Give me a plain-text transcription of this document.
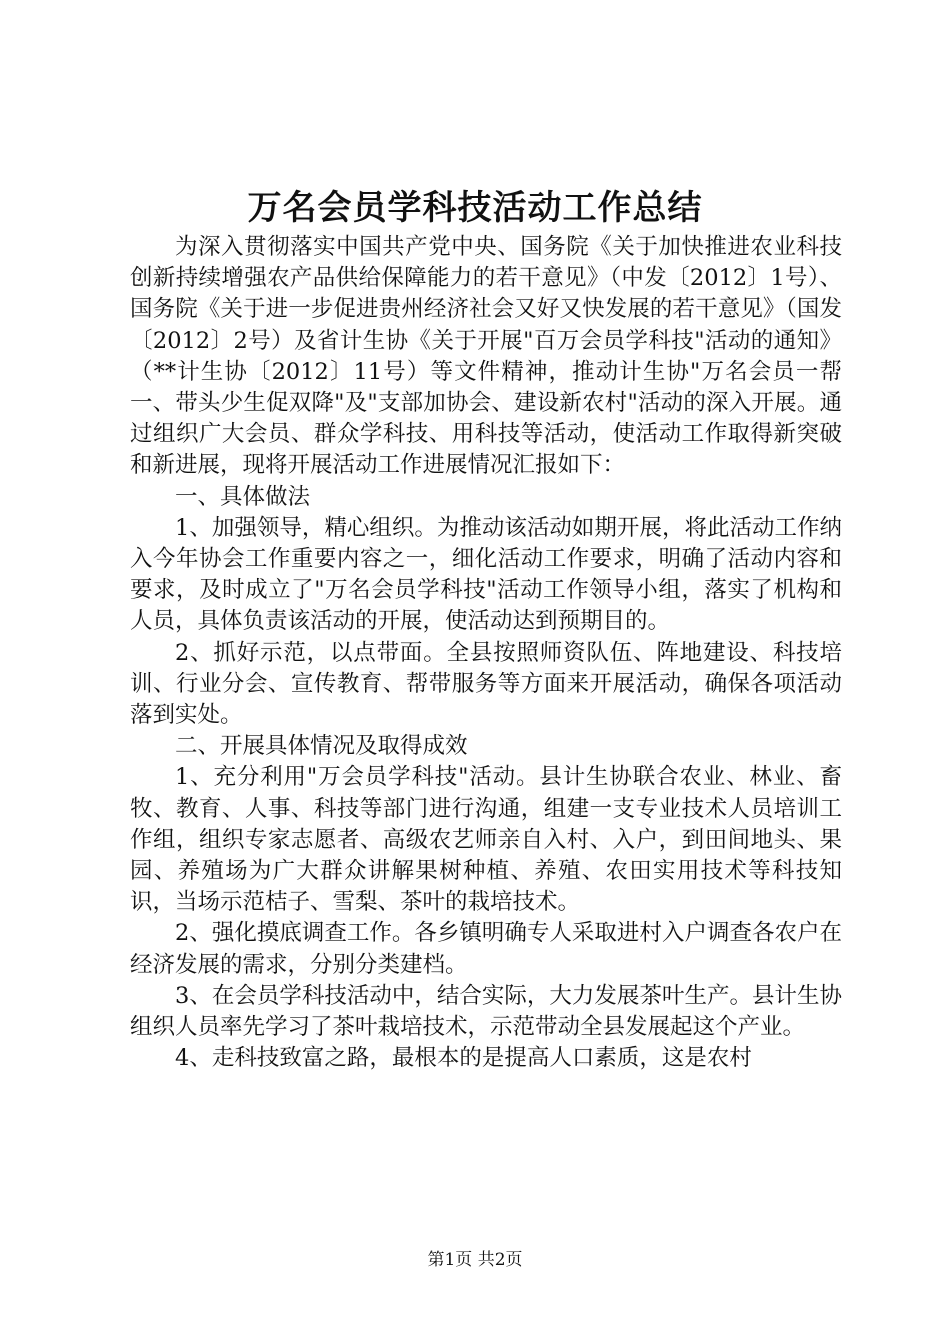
万名会员学科技活动工作总结

为深入贯彻落实中国共产党中央、国务院《关于加快推进农业科技创新持续增强农产品供给保障能力的若干意见》（中发〔2012〕1号）、国务院《关于进一步促进贵州经济社会又好又快发展的若干意见》（国发〔2012〕2号）及省计生协《关于开展"百万会员学科技"活动的通知》（**计生协〔2012〕11号）等文件精神，推动计生协"万名会员一帮一、带头少生促双降"及"支部加协会、建设新农村"活动的深入开展。通过组织广大会员、群众学科技、用科技等活动，使活动工作取得新突破和新进展，现将开展活动工作进展情况汇报如下：

一、具体做法

1、加强领导，精心组织。为推动该活动如期开展，将此活动工作纳入今年协会工作重要内容之一，细化活动工作要求，明确了活动内容和要求，及时成立了"万名会员学科技"活动工作领导小组，落实了机构和人员，具体负责该活动的开展，使活动达到预期目的。

2、抓好示范，以点带面。全县按照师资队伍、阵地建设、科技培训、行业分会、宣传教育、帮带服务等方面来开展活动，确保各项活动落到实处。

二、开展具体情况及取得成效

1、充分利用"万会员学科技"活动。县计生协联合农业、林业、畜牧、教育、人事、科技等部门进行沟通，组建一支专业技术人员培训工作组，组织专家志愿者、高级农艺师亲自入村、入户，到田间地头、果园、养殖场为广大群众讲解果树种植、养殖、农田实用技术等科技知识，当场示范桔子、雪梨、茶叶的栽培技术。

2、强化摸底调查工作。各乡镇明确专人采取进村入户调查各农户在经济发展的需求，分别分类建档。

3、在会员学科技活动中，结合实际，大力发展茶叶生产。县计生协组织人员率先学习了茶叶栽培技术，示范带动全县发展起这个产业。

4、走科技致富之路，最根本的是提高人口素质，这是农村

第1页 共2页
